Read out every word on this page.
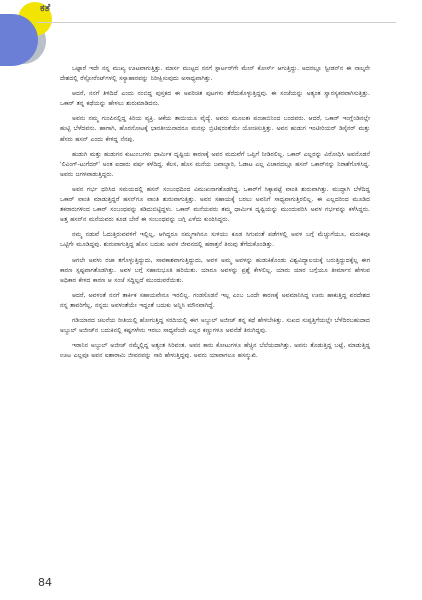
ಕತೆ

ಒಟ್ಟಾರೆ ಇದೇ ನನ್ನ ಮುಖ್ಯ ಊಟವಾಗುತ್ತಿತ್ತು. ಮಾರ್ಸ ಮುಟ್ಟದ ನನಗೆ ಸ್ಟಾರ್ಟರ್‌ಗೇ ಮೇನ್ ಕೋರ್ಸ್ ಆಗುತ್ತಿದ್ದು. ಅದರಲ್ಲೂ ಸ್ವೀಡನ್‌ನ ಈ ನಾಲ್ಕನೇ ದೇಶದಲ್ಲಿ ರೆಸ್ಟೋರೆಂಟ್‌ಗಳಲ್ಲಿ ಸಸ್ಯಾಹಾರವನ್ನು ನಿರೀಕ್ಷಿಸುವುದು ಅಸಾಧ್ಯವಾಗಿತ್ತು.

ಆದರೆ, ನನಗೆ ತಿಳಿದಿದೆ ಎಂದು ನಂಬಿದ್ದ ಪುಸ್ತಕದ ಈ ಅಪರಿಚಿತ ಪುಟಗಳು ತೆರೆದುಕೊಳ್ಳುತ್ತಿದ್ದವು. ಈ ಸಂಜೆಯನ್ನು ಅತ್ಯಂತ ಸ್ವಾರಸ್ಯಕರವಾಗಿಸುತ್ತಿತ್ತು. ಒಕಾರ್ ತನ್ನ ಕಥೆಯನ್ನು ಹೇಳಲು ಶುರುಮಾಡಿದನು.

ಅವನು ನಮ್ಮ ಗುಂಪಿನಲ್ಲಿದ್ದ ಕಿರಿಯ ವ್ಯಕ್ತಿ. ಆಕೆಯ ತಾಯಿಯೂ ವೈದ್ಯೆ. ಅವರು ಮೂಲತಃ ಪಂಜಾಬಿನಿಂದ ಬಂದವರು. ಆದರೆ, ಒಕಾರ್ ಇಂಗ್ಲೆಂಡಿನಲ್ಲೇ ಹುಟ್ಟಿ ಬೆಳೆದವನು. ಹಾಗಾಗಿ, ಹೊರನೋಟಕ್ಕೆ ಭಾರತೀಯನಾದರೂ ಮನಸ್ಸು ಬ್ರಿಟಿಷರಂತೆಯೇ ಯೋಚಿಸುತ್ತಿತ್ತು. ಅವನ ಹುಡುಗ ಇಂಟೀರಿಯರ್ ಡಿಸೈನರ್ ಮತ್ತು ಹೆಸರು ಹಸನ್ ಎಂದು ಕೇಳಿದ್ದ ನೆನಪು.

ಹುಡುಗಿ ಮತ್ತು ಹುಡುಗನ ಕುಟುಂಬಗಳು ಧಾರ್ಮಿಕ ದೃಷ್ಟಿಯ ಕಾರಣಕ್ಕೆ ಅವರ ಮದುವೆಗೆ ಒಪ್ಪಿಗೆ ನೀಡಿರಲಿಲ್ಲ. ಒಕಾರ್ ಎಲ್ಲರನ್ನು ವಿರೋಧಿಸಿ ಅವನೊಡನೆ 'ಲಿವಿಂಗ್-ಟುಗೆದರ್' ಅಂತ ಐದಾರು ವರ್ಷ ಕಳೆದಿದ್ದ. ಕೆಲಸ, ಹೊಸ ಮನೆಯ ಜವಾಬ್ದಾರಿ, ಓಡಾಟ ಎಲ್ಲ ವಿಚಾರದಲ್ಲೂ ಹಸನ್ ಒಕಾರ್‌ನನ್ನು ನಿರಾಶೆಗೊಳಿಸಿದ್ದ. ಅವರು ಜಗಳವಾಡುತ್ತಿದ್ದರು.

ಅವನ ಗರ್ಭ ಧರಿಸಿದ ಸಮಯದಲ್ಲಿ ಹಸನ್ ಸಂಬಂಧದಿಂದ ವಿಮುಖನಾಗತೊಡಗಿದ್ದ. ಒಕಾರ್‌ಗೆ ಸಿಕ್ಕಾಪಟ್ಟೆ ವಾಂತಿ ಶುರುವಾಗಿತ್ತು. ಮುದ್ದಾಗಿ ಬೆಳೆದಿದ್ದ ಒಕಾರ್ ವಾಂತಿ ಮಾಡುತ್ತಿದ್ದರೆ ಹಸನ್‌ಗೂ ವಾಂತಿ ಶುರುವಾಗುತ್ತಿತ್ತು. ಅವನ ಸಹಾಯಕ್ಕೆ ಬರಲು ಅವನಿಗೆ ಸಾಧ್ಯವಾಗುತ್ತಿರಲಿಲ್ಲ. ಈ ಎಲ್ಲದರಿಂದ ಮೂಡಿದ ತಕರಾರುಗಳಿಂದ ಒಕಾರ್ ಸಂಬಂಧವನ್ನು ಕಡಿದುಬಿಟ್ಟಿದ್ದಳು. ಒಕಾರ್ ಮನೆಯವರು ತಮ್ಮ ಧಾರ್ಮಿಕ ದೃಷ್ಟಿಯನ್ನು ಮುಂದುವರಿಸಿ ಅವಳ ಗರ್ಭವನ್ನು ಕಳೆಸಿದ್ದರು. ಅತ್ತ ಹಸನ್‌ನ ಮನೆಯವರು ಕೂಡ ಬೇರೆ ಈ ಸಂಬಂಧವನ್ನು ಜಗ್ಗಿ ಎಳೆದು ಕುಂಠಿಸಿದ್ದರು.

ನಮ್ಮ ನಡುವೆ ಓದುತ್ತಿರುವವಳಿಗೆ ಇಲ್ಲಿಲ್ಲ, ಆಗಿದ್ದರೂ ನಮ್ಮಗಾಗಿನೂ ಸುಳಿಯು ಕೂಡ ಸಿಗುವಂತೆ ಪಡೆಗಳಲ್ಲಿ ಅವಳ ಬಗ್ಗೆ ಮೆಚ್ಚುಗೆಯೂ, ಮರುಕವೂ ಒಟ್ಟಿಗೇ ಮೂಡಿದ್ದವು. ಶುರುವಾಗುತ್ತಿದ್ದ ಹೊಸ ಬದುಕು ಅವಳ ಜೀವನದಲ್ಲಿ ಹಠಾತ್ತನೆ ತಿರುವು ತೆಗೆದುಕೊಂಡಿತ್ತು.

ಆಗಲೇ ಅವಳು ರಜಾ ತಗೊಳ್ಳುತ್ತಿದ್ದುದು, ಸಾವಕಾಶವಾಗುತ್ತಿದ್ದುದು, ಅವಳ ಅಮ್ಮ ಅವಳನ್ನು ಹುಡುಕಿಕೊಂಡು ವಿಶ್ವವಿದ್ಯಾಲಯಕ್ಕೆ ಬರುತ್ತಿದ್ದುದಕ್ಕೆಲ್ಲ ಈಗ ಕಾರಣ ಸ್ಪಷ್ಟವಾಗತೊಡಗಿತ್ತು. ಅವಳ ಬಗ್ಗೆ ಸಹಾನುಭೂತಿ ಹರಿಯಿತು. ಯಾರೂ ಅವಳನ್ನು ಪ್ರಶ್ನೆ ಕೇಳಲಿಲ್ಲ. ಯಾರು ಯಾರ ಬಗ್ಗೆಯೂ ತೀರ್ಮಾನ ಹೇಳುವ ಅಧಿಕಾರ ಕೇಳದ ಕಾರಣ ಆ ಸಂಜೆ ಸದ್ದಿಲ್ಲದೆ ಮುಂದುವರೆಯಿತು.

ಆದರೆ, ಅವಳಂತೆ ನನಗೆ ತಾರ್ಕಿಕ ಸಹಾಯವೇನೂ ಇರಲಿಲ್ಲ. ಗಂಡಸೊಡನೆ ಇಲ್ಲ ಎಂಬ ಒಂದೇ ಕಾರಣಕ್ಕೆ ಅವಮಾನಿಸಿದ್ದ ಊರು ಹಾಕುತ್ತಿದ್ದ ಪರದೇಶದ ನನ್ನ ತಾವರಿಗೆಲ್ಲ, ನನ್ನದು ಅವಳಂತೆಯೇ ಇದ್ದಂತೆ ಬದುಕು ಅನ್ನಿಸಿ ಮೌನವಾಗಿದ್ದೆ.

ಗಡಿಯಾರದ ಚಲನೆಯ ರೀತಿಯಲ್ಲಿ ಹೋಗುತ್ತಿದ್ದ ಸರದಿಯಲ್ಲಿ ಈಗ ಅಬ್ದುಲ್ ಅಜೀಜ್ ತನ್ನ ಕಥೆ ಹೇಳಬೇಕಿತ್ತು. ಸುಖದ ಸುಪ್ಪತ್ತಿಗೆಯಲ್ಲೇ ಬೆಳೆದಿರಬಹುದಾದ ಅಬ್ದುಲ್ ಅಜೀಜ್‌ನ ಬದುಕಿನಲ್ಲಿ ಕಷ್ಟಗಳೇನು ಇರಲು ಸಾಧ್ಯವೆಂದೇ ಎಲ್ಲರ ಕಣ್ಣುಗಳೂ ಅವನೆಡೆ ತಿರುಗಿದ್ದವು.

ಇರಾನಿನ ಅಬ್ದುಲ್ ಅಜೀಜ್ ನಮ್ಮೆಲ್ಲಿದ್ದ ಅತ್ಯಂತ ಸಿರಿವಂತ. ಅವನ ಕಾರು ಕೋಟುಗಳೂ ಹೆಚ್ಚಿನ ಬೆಲೆಯದಾಗಿತ್ತು. ಅವನು ತೊಡುತ್ತಿದ್ದ ಬಟ್ಟೆ, ಮಾಡುತ್ತಿದ್ದ ಊಟ ಎಲ್ಲವೂ ಅವನ ಐಶಾರಾಮಿ ಜೀವನವನ್ನು ಸಾರಿ ಹೇಳುತ್ತಿದ್ದವು. ಅವನು ಯಾವಾಗಲೂ ಹಸನ್ಮುಖಿ.

84
